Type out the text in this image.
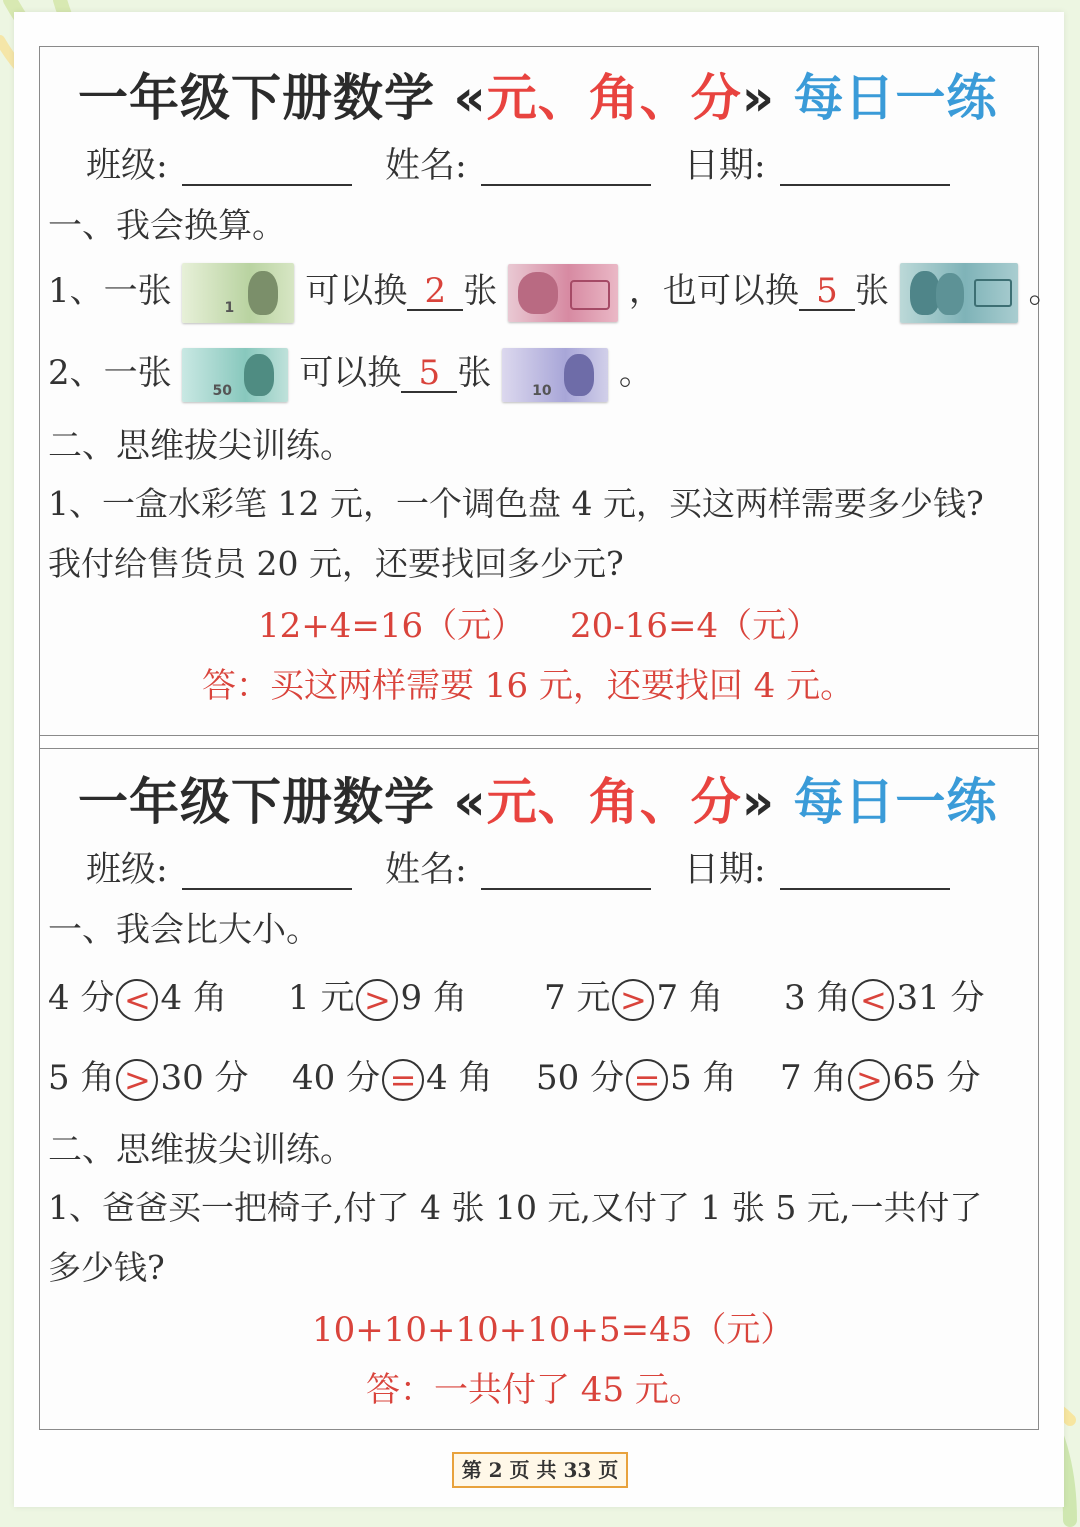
一年级下册数学 «元、角、分» 每日一练
班级:	姓名:	日期:
一、我会换算。
1、一张	1 可以换 2 张	，也可以换 5 张	。
2、一张	50 可以换 5 张	10 。
二、思维拔尖训练。
1、一盒水彩笔 12 元，一个调色盘 4 元，买这两样需要多少钱?
我付给售货员 20 元，还要找回多少元?
12+4=16（元） 20-16=4（元）
答：买这两样需要 16 元，还要找回 4 元。
一年级下册数学 «元、角、分» 每日一练
班级:	姓名:	日期:
一、我会比大小。
4 分 < 4 角 1 元 > 9 角 7 元 > 7 角 3 角 < 31 分
5 角 > 30 分 40 分 = 4 角 50 分 = 5 角 7 角 > 65 分
二、思维拔尖训练。
1、爸爸买一把椅子,付了 4 张 10 元,又付了 1 张 5 元,一共付了
多少钱?
10+10+10+10+5=45（元）
答：一共付了 45 元。
第 2 页 共 33 页
